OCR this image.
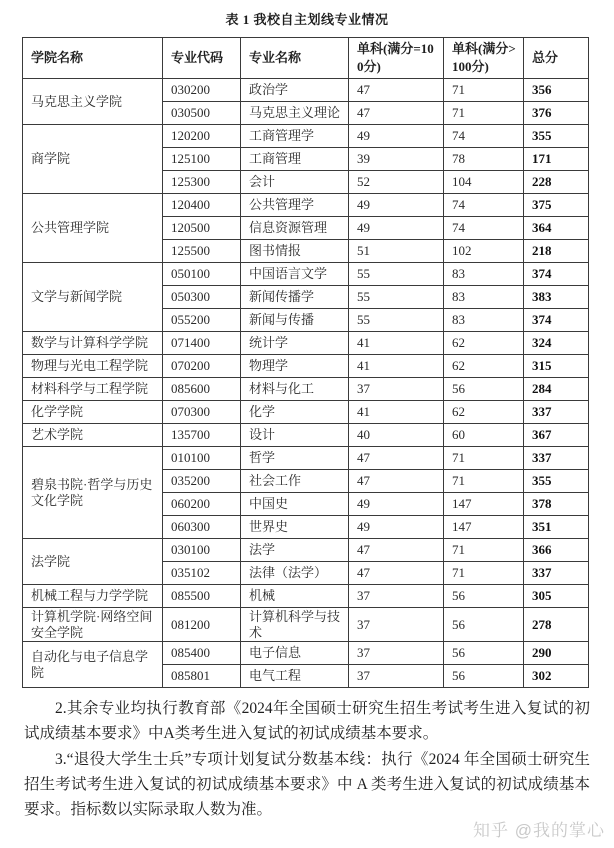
表 1 我校自主划线专业情况
学院名称	专业代码	专业名称	单科(满分=100分)	单科(满分>100分)	总分
马克思主义学院	030200	政治学	47	71	356
	030500	马克思主义理论	47	71	376
商学院	120200	工商管理学	49	74	355
	125100	工商管理	39	78	171
	125300	会计	52	104	228
公共管理学院	120400	公共管理学	49	74	375
	120500	信息资源管理	49	74	364
	125500	图书情报	51	102	218
文学与新闻学院	050100	中国语言文学	55	83	374
	050300	新闻传播学	55	83	383
	055200	新闻与传播	55	83	374
数学与计算科学学院	071400	统计学	41	62	324
物理与光电工程学院	070200	物理学	41	62	315
材料科学与工程学院	085600	材料与化工	37	56	284
化学学院	070300	化学	41	62	337
艺术学院	135700	设计	40	60	367
碧泉书院·哲学与历史文化学院	010100	哲学	47	71	337
	035200	社会工作	47	71	355
	060200	中国史	49	147	378
	060300	世界史	49	147	351
法学院	030100	法学	47	71	366
	035102	法律（法学）	47	71	337
机械工程与力学学院	085500	机械	37	56	305
计算机学院·网络空间安全学院	081200	计算机科学与技术	37	56	278
自动化与电子信息学院	085400	电子信息	37	56	290
	085801	电气工程	37	56	302

2.其余专业均执行教育部《2024年全国硕士研究生招生考试考生进入复试的初试成绩基本要求》中A类考生进入复试的初试成绩基本要求。

3.“退役大学生士兵”专项计划复试分数基本线：执行《2024 年全国硕士研究生招生考试考生进入复试的初试成绩基本要求》中 A 类考生进入复试的初试成绩基本要求。指标数以实际录取人数为准。

知乎 @我的掌心
